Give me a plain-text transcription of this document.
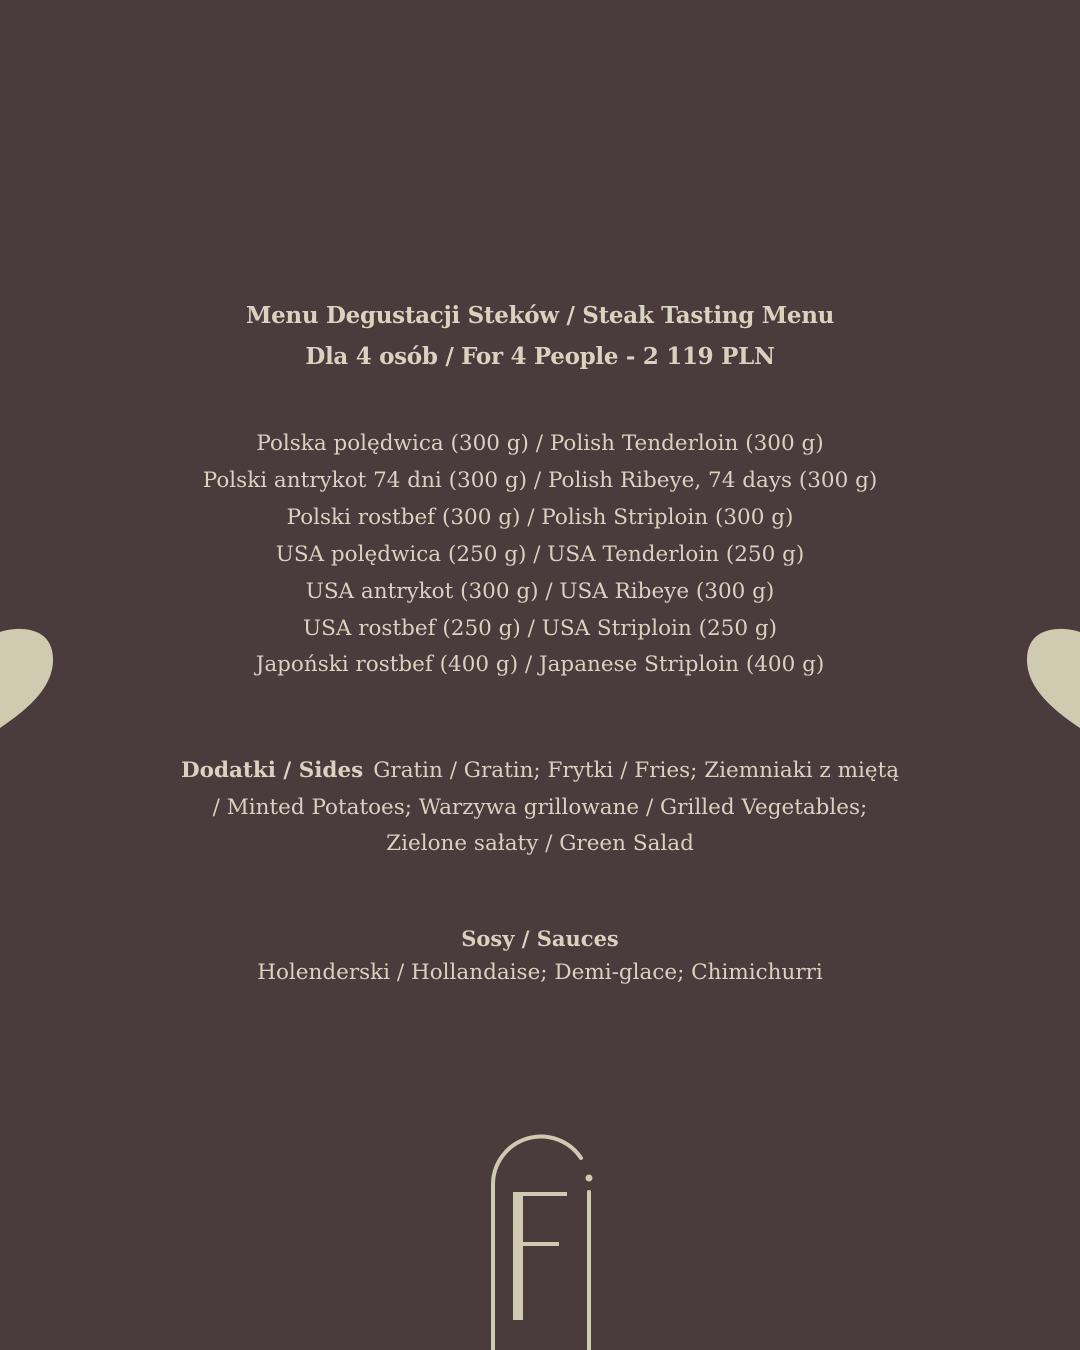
Menu Degustacji Steków / Steak Tasting Menu
Dla 4 osób / For 4 People - 2 119 PLN
Polska polędwica (300 g) / Polish Tenderloin (300 g)
Polski antrykot 74 dni (300 g) / Polish Ribeye, 74 days (300 g)
Polski rostbef (300 g) / Polish Striploin (300 g)
USA polędwica (250 g) / USA Tenderloin (250 g)
USA antrykot (300 g) / USA Ribeye (300 g)
USA rostbef (250 g) / USA Striploin (250 g)
Japoński rostbef (400 g) / Japanese Striploin (400 g)
Dodatki / Sides Gratin / Gratin; Frytki / Fries; Ziemniaki z miętą / Minted Potatoes; Warzywa grillowane / Grilled Vegetables; Zielone sałaty / Green Salad
Sosy / Sauces
Holenderski / Hollandaise; Demi-glace; Chimichurri
